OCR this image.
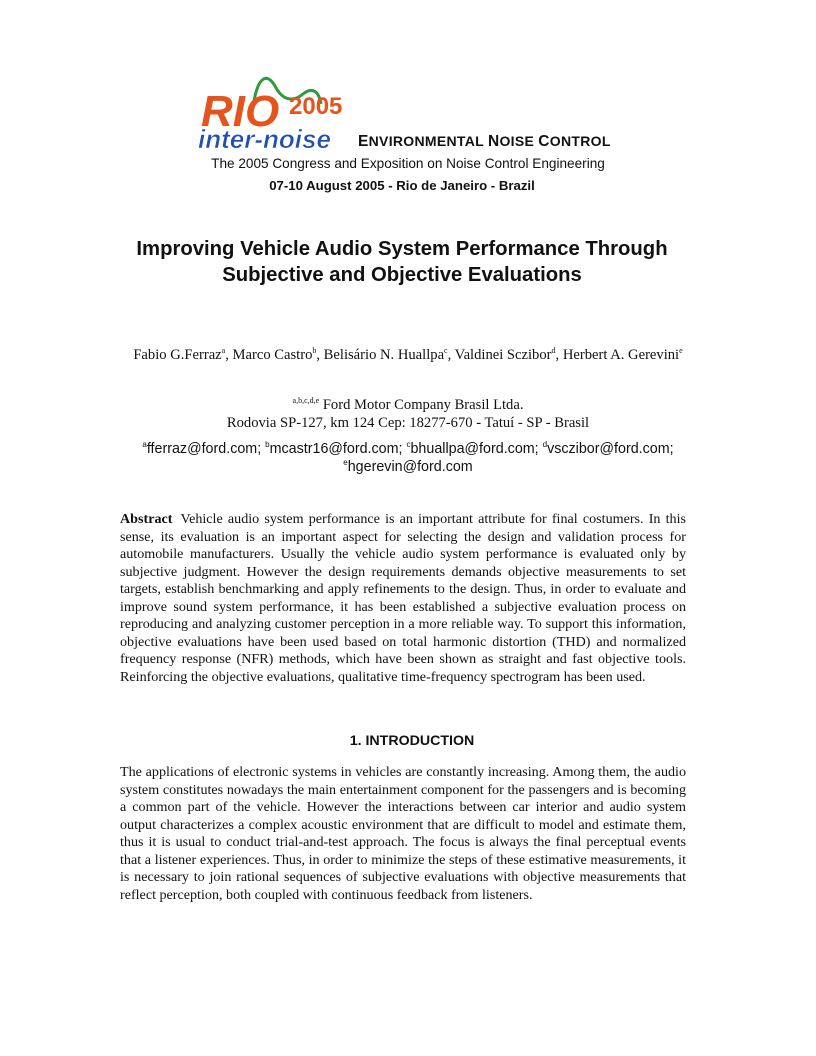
RIO 2005
inter-noise ENVIRONMENTAL NOISE CONTROL
The 2005 Congress and Exposition on Noise Control Engineering
07-10 August 2005 - Rio de Janeiro - Brazil
Improving Vehicle Audio System Performance Through
Subjective and Objective Evaluations
Fabio G.Ferraz$^a$, Marco Castro$^b$, Belisário N. Huallpa$^c$, Valdinei Sczibor$^d$, Herbert A. Gerevini$^e$
$^{a,b,c,d,e}$ Ford Motor Company Brasil Ltda.
Rodovia SP-127, km 124 Cep: 18277-670 - Tatuí - SP - Brasil
$^a$fferraz@ford.com; $^b$mcastr16@ford.com; $^c$bhuallpa@ford.com; $^d$vsczibor@ford.com;
$^e$hgerevin@ford.com
Abstract Vehicle audio system performance is an important attribute for final costumers. In this sense, its evaluation is an important aspect for selecting the design and validation process for automobile manufacturers. Usually the vehicle audio system performance is evaluated only by subjective judgment. However the design requirements demands objective measurements to set targets, establish benchmarking and apply refinements to the design. Thus, in order to evaluate and improve sound system performance, it has been established a subjective evaluation process on reproducing and analyzing customer perception in a more reliable way. To support this information, objective evaluations have been used based on total harmonic distortion (THD) and normalized frequency response (NFR) methods, which have been shown as straight and fast objective tools. Reinforcing the objective evaluations, qualitative time-frequency spectrogram has been used.
1. INTRODUCTION
The applications of electronic systems in vehicles are constantly increasing. Among them, the audio system constitutes nowadays the main entertainment component for the passengers and is becoming a common part of the vehicle. However the interactions between car interior and audio system output characterizes a complex acoustic environment that are difficult to model and estimate them, thus it is usual to conduct trial-and-test approach. The focus is always the final perceptual events that a listener experiences. Thus, in order to minimize the steps of these estimative measurements, it is necessary to join rational sequences of subjective evaluations with objective measurements that reflect perception, both coupled with continuous feedback from listeners.
